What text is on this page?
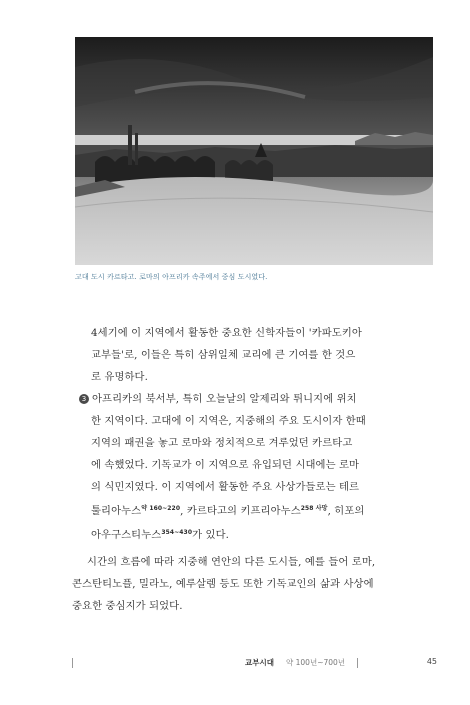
고대 도시 카르타고. 로마의 아프리카 속주에서 중심 도시였다.

4세기에 이 지역에서 활동한 중요한 신학자들이 '카파도키아

교부들'로, 이들은 특히 삼위일체 교리에 큰 기여를 한 것으

로 유명하다.

3 아프리카의 북서부, 특히 오늘날의 알제리와 튀니지에 위치

한 지역이다. 고대에 이 지역은, 지중해의 주요 도시이자 한때

지역의 패권을 놓고 로마와 정치적으로 겨루었던 카르타고

에 속했었다. 기독교가 이 지역으로 유입되던 시대에는 로마

의 식민지였다. 이 지역에서 활동한 주요 사상가들로는 테르

툴리아누스$^{약 160\sim 220}$, 카르타고의 키프리아누스$^{258 사망}$, 히포의

아우구스티누스$^{354\sim 430}$가 있다.

시간의 흐름에 따라 지중해 연안의 다른 도시들, 예를 들어 로마,

콘스탄티노플, 밀라노, 예루살렘 등도 또한 기독교인의 삶과 사상에

중요한 중심지가 되었다.

교부시대 약 100년~700년	45
